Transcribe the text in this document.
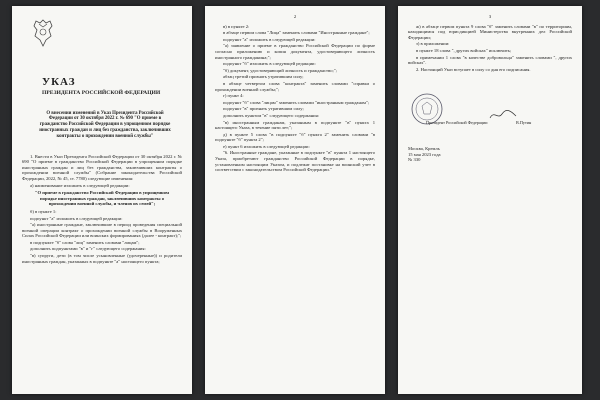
УКАЗ
ПРЕЗИДЕНТА РОССИЙСКОЙ ФЕДЕРАЦИИ
О внесении изменений в Указ Президента Российской Федерации от 30 октября 2022 г. № 690 "О приеме в гражданство Российской Федерации в упрощенном порядке иностранных граждан и лиц без гражданства, заключивших контракты о прохождении военной службы"

1. Внести в Указ Президента Российской Федерации от 30 октября 2022 г. № 690 "О приеме в гражданство Российской Федерации в упрощенном порядке иностранных граждан и лиц без гражданства, заключивших контракты о прохождении военной службы" (Собрание законодательства Российской Федерации, 2022, № 45, ст. 7780) следующие изменения:

а) наименование изложить в следующей редакции:

"О приеме в гражданство Российской Федерации в упрощенном порядке иностранных граждан, заключивших контракты о прохождении военной службы, и членов их семей";

б) в пункте 1:

подпункт "а" изложить в следующей редакции:

"а) иностранные граждане, заключившие в период проведения специальной военной операции контракт о прохождении военной службы в Вооруженных Силах Российской Федерации или воинских формированиях (далее - контракт);";

в подпункте "б" слова "лиц" заменить словами "лицам";

дополнить подпунктами "в" и "г" следующего содержания:

"в) супруги, дети (в том числе усыновленные (удочеренные)) и родители иностранных граждан, указанных в подпункте "а" настоящего пункта;

2

в) в пункте 2:

в абзаце первом слова "Лица" заменить словами "Иностранные граждане";

подпункт "а" изложить в следующей редакции:

"а) заявление о приеме в гражданство Российской Федерации по форме согласно приложению и копия документа, удостоверяющего личность иностранного гражданина;";

подпункт "б" изложить в следующей редакции:

"б) документ, удостоверяющий личность и гражданство;";

абзац третий признать утратившим силу;

в абзаце четвертом слова "контракта" заменить словами "справки о прохождении военной службы;";

г) пункт 4:

подпункт "б" слова "лицам" заменить словами "иностранным гражданам";

подпункт "в" признать утратившим силу;

дополнить пунктом "в" следующего содержания:

"в) иностранным гражданам, указанным в подпункте "в" пункта 1 настоящего Указа, в течение пяти лет;";

д) в пункте 5 слова "в подпункте "б" пункта 2" заменить словами "в подпункте "б" пункта 2";

е) пункт 6 изложить в следующей редакции:

"6. Иностранные граждане, указанные в подпункте "в" пункта 1 настоящего Указа, приобретают гражданство Российской Федерации в порядке, установленном настоящим Указом, и подлежат постановке на воинский учет в соответствии с законодательством Российской Федерации."

3

ж) в абзаце первом пункта 9 слова "б" заменить словами "в" по территориям, находящимся под юрисдикцией Министерства внутренних дел Российской Федерации;

з) в приложении:

в пункте 18 слова ", других войсках" исключить;

в примечании 1 слова "в качестве добровольца" заменить словами ", других войсках".

2. Настоящий Указ вступает в силу со дня его подписания.

Президент Российской Федерации	В.Путин
Москва, Кремль
15 мая 2023 года
№ 330
